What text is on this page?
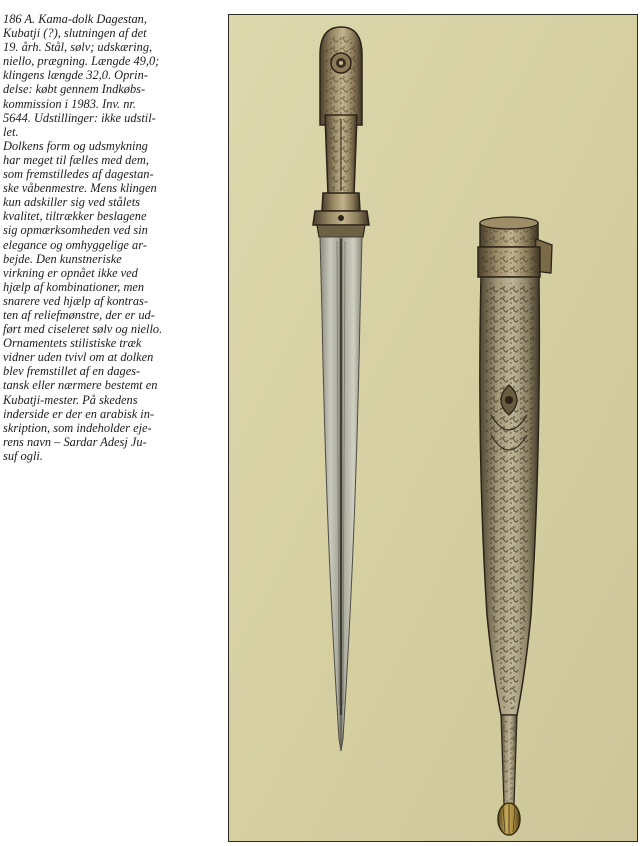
186 A. Kama-dolk Dagestan,
Kubatji (?), slutningen af det
19. årh. Stål, sølv; udskæring,
niello, prægning. Længde 49,0;
klingens længde 32,0. Oprin-
delse: købt gennem Indkøbs-
kommission i 1983. Inv. nr.
5644. Udstillinger: ikke udstil-
let.
Dolkens form og udsmykning
har meget til fælles med dem,
som fremstilledes af dagestan-
ske våbenmestre. Mens klingen
kun adskiller sig ved stålets
kvalitet, tiltrækker beslagene
sig opmærksomheden ved sin
elegance og omhyggelige ar-
bejde. Den kunstneriske
virkning er opnået ikke ved
hjælp af kombinationer, men
snarere ved hjælp af kontras-
ten af reliefmønstre, der er ud-
ført med ciseleret sølv og niello.
Ornamentets stilistiske træk
vidner uden tvivl om at dolken
blev fremstillet af en dages-
tansk eller nærmere bestemt en
Kubatji-mester. På skedens
inderside er der en arabisk in-
skription, som indeholder eje-
rens navn – Sardar Adesj Ju-
suf ogli.
